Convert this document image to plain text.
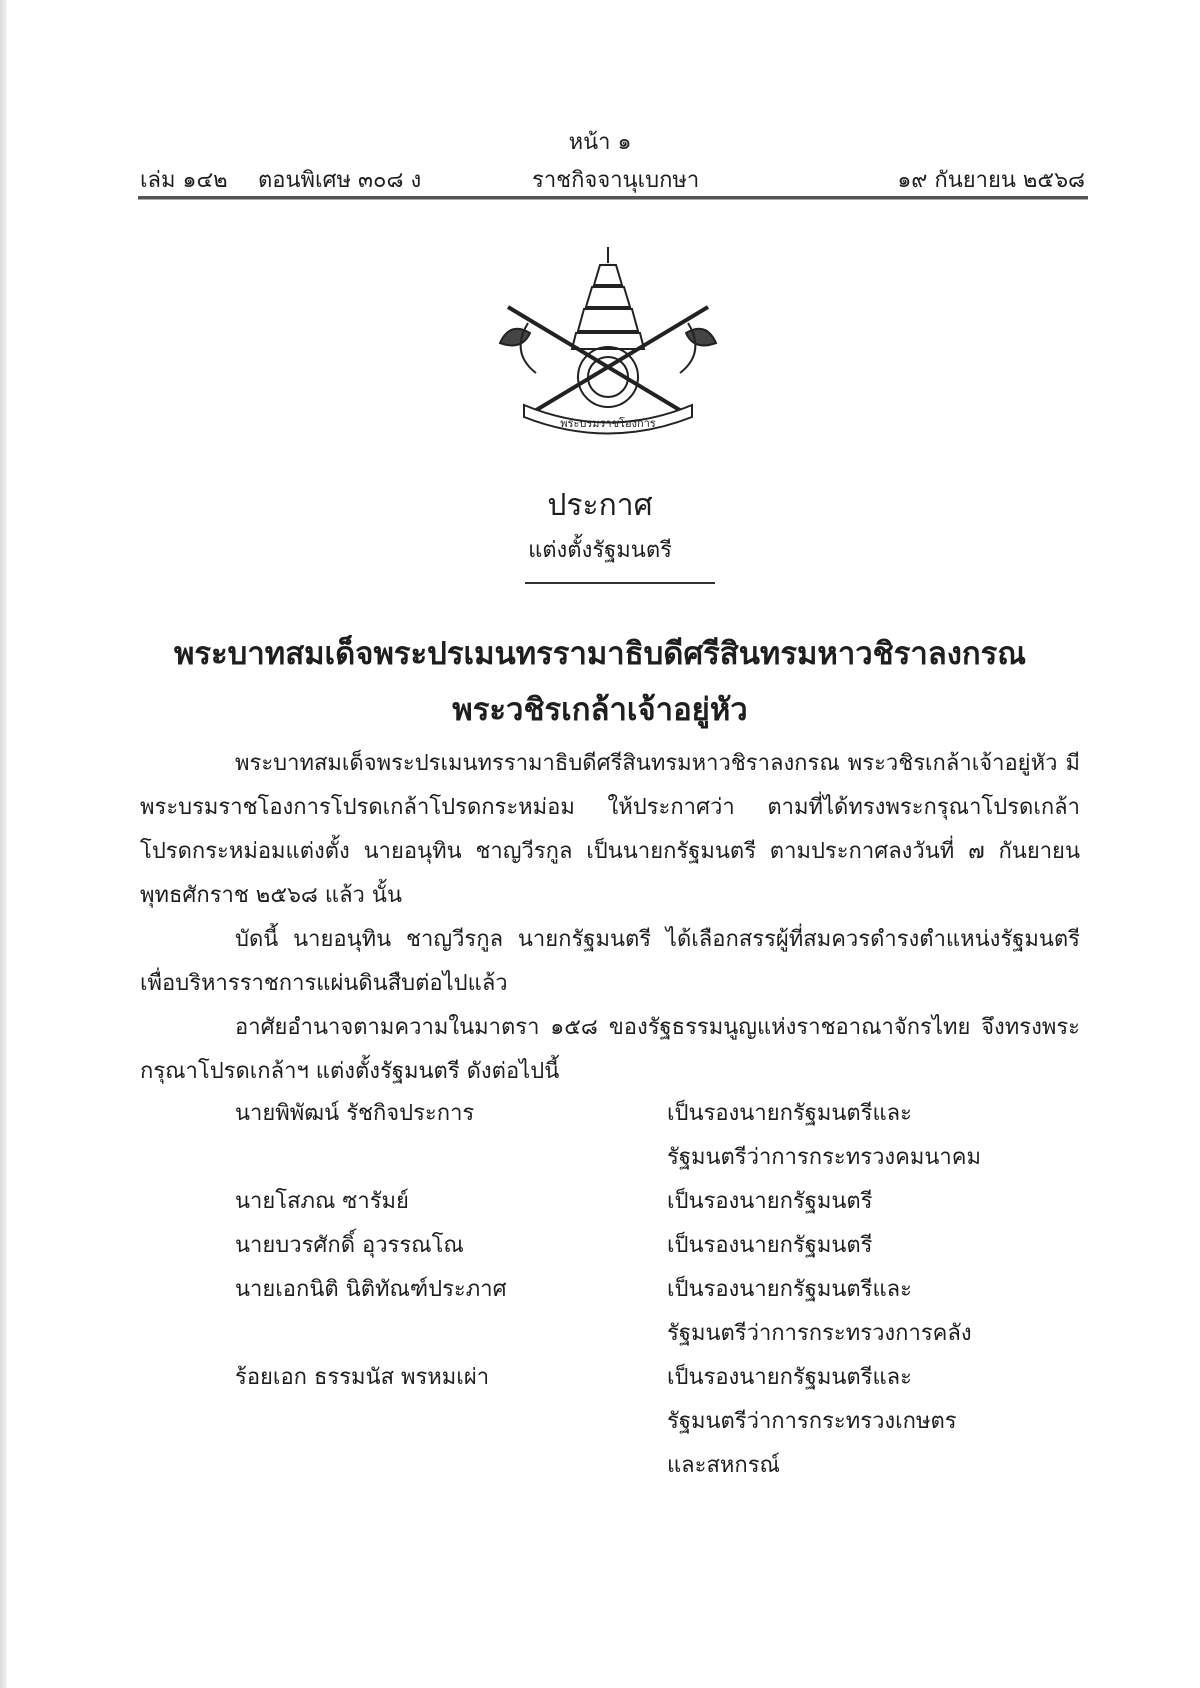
หน้า ๑
เล่ม ๑๔๒ ตอนพิเศษ ๓๐๘ ง	ราชกิจจานุเบกษา	๑๙ กันยายน ๒๕๖๘
พระบรมราชโองการ
ประกาศ
แต่งตั้งรัฐมนตรี
พระบาทสมเด็จพระปรเมนทรรามาธิบดีศรีสินทรมหาวชิราลงกรณ
พระวชิรเกล้าเจ้าอยู่หัว

พระบาทสมเด็จพระปรเมนทรรามาธิบดีศรีสินทรมหาวชิราลงกรณ พระวชิรเกล้าเจ้าอยู่หัว มีพระบรมราชโองการโปรดเกล้าโปรดกระหม่อม ให้ประกาศว่า ตามที่ได้ทรงพระกรุณาโปรดเกล้าโปรดกระหม่อมแต่งตั้ง นายอนุทิน ชาญวีรกูล เป็นนายกรัฐมนตรี ตามประกาศลงวันที่ ๗ กันยายน พุทธศักราช ๒๕๖๘ แล้ว นั้น

บัดนี้ นายอนุทิน ชาญวีรกูล นายกรัฐมนตรี ได้เลือกสรรผู้ที่สมควรดำรงตำแหน่งรัฐมนตรี เพื่อบริหารราชการแผ่นดินสืบต่อไปแล้ว

อาศัยอำนาจตามความในมาตรา ๑๕๘ ของรัฐธรรมนูญแห่งราชอาณาจักรไทย จึงทรงพระกรุณาโปรดเกล้าฯ แต่งตั้งรัฐมนตรี ดังต่อไปนี้

นายพิพัฒน์ รัชกิจประการ	เป็นรองนายกรัฐมนตรีและ
รัฐมนตรีว่าการกระทรวงคมนาคม
นายโสภณ ซารัมย์	เป็นรองนายกรัฐมนตรี
นายบวรศักดิ์ อุวรรณโณ	เป็นรองนายกรัฐมนตรี
นายเอกนิติ นิติทัณฑ์ประภาศ	เป็นรองนายกรัฐมนตรีและ
รัฐมนตรีว่าการกระทรวงการคลัง
ร้อยเอก ธรรมนัส พรหมเผ่า	เป็นรองนายกรัฐมนตรีและ
รัฐมนตรีว่าการกระทรวงเกษตร
และสหกรณ์
